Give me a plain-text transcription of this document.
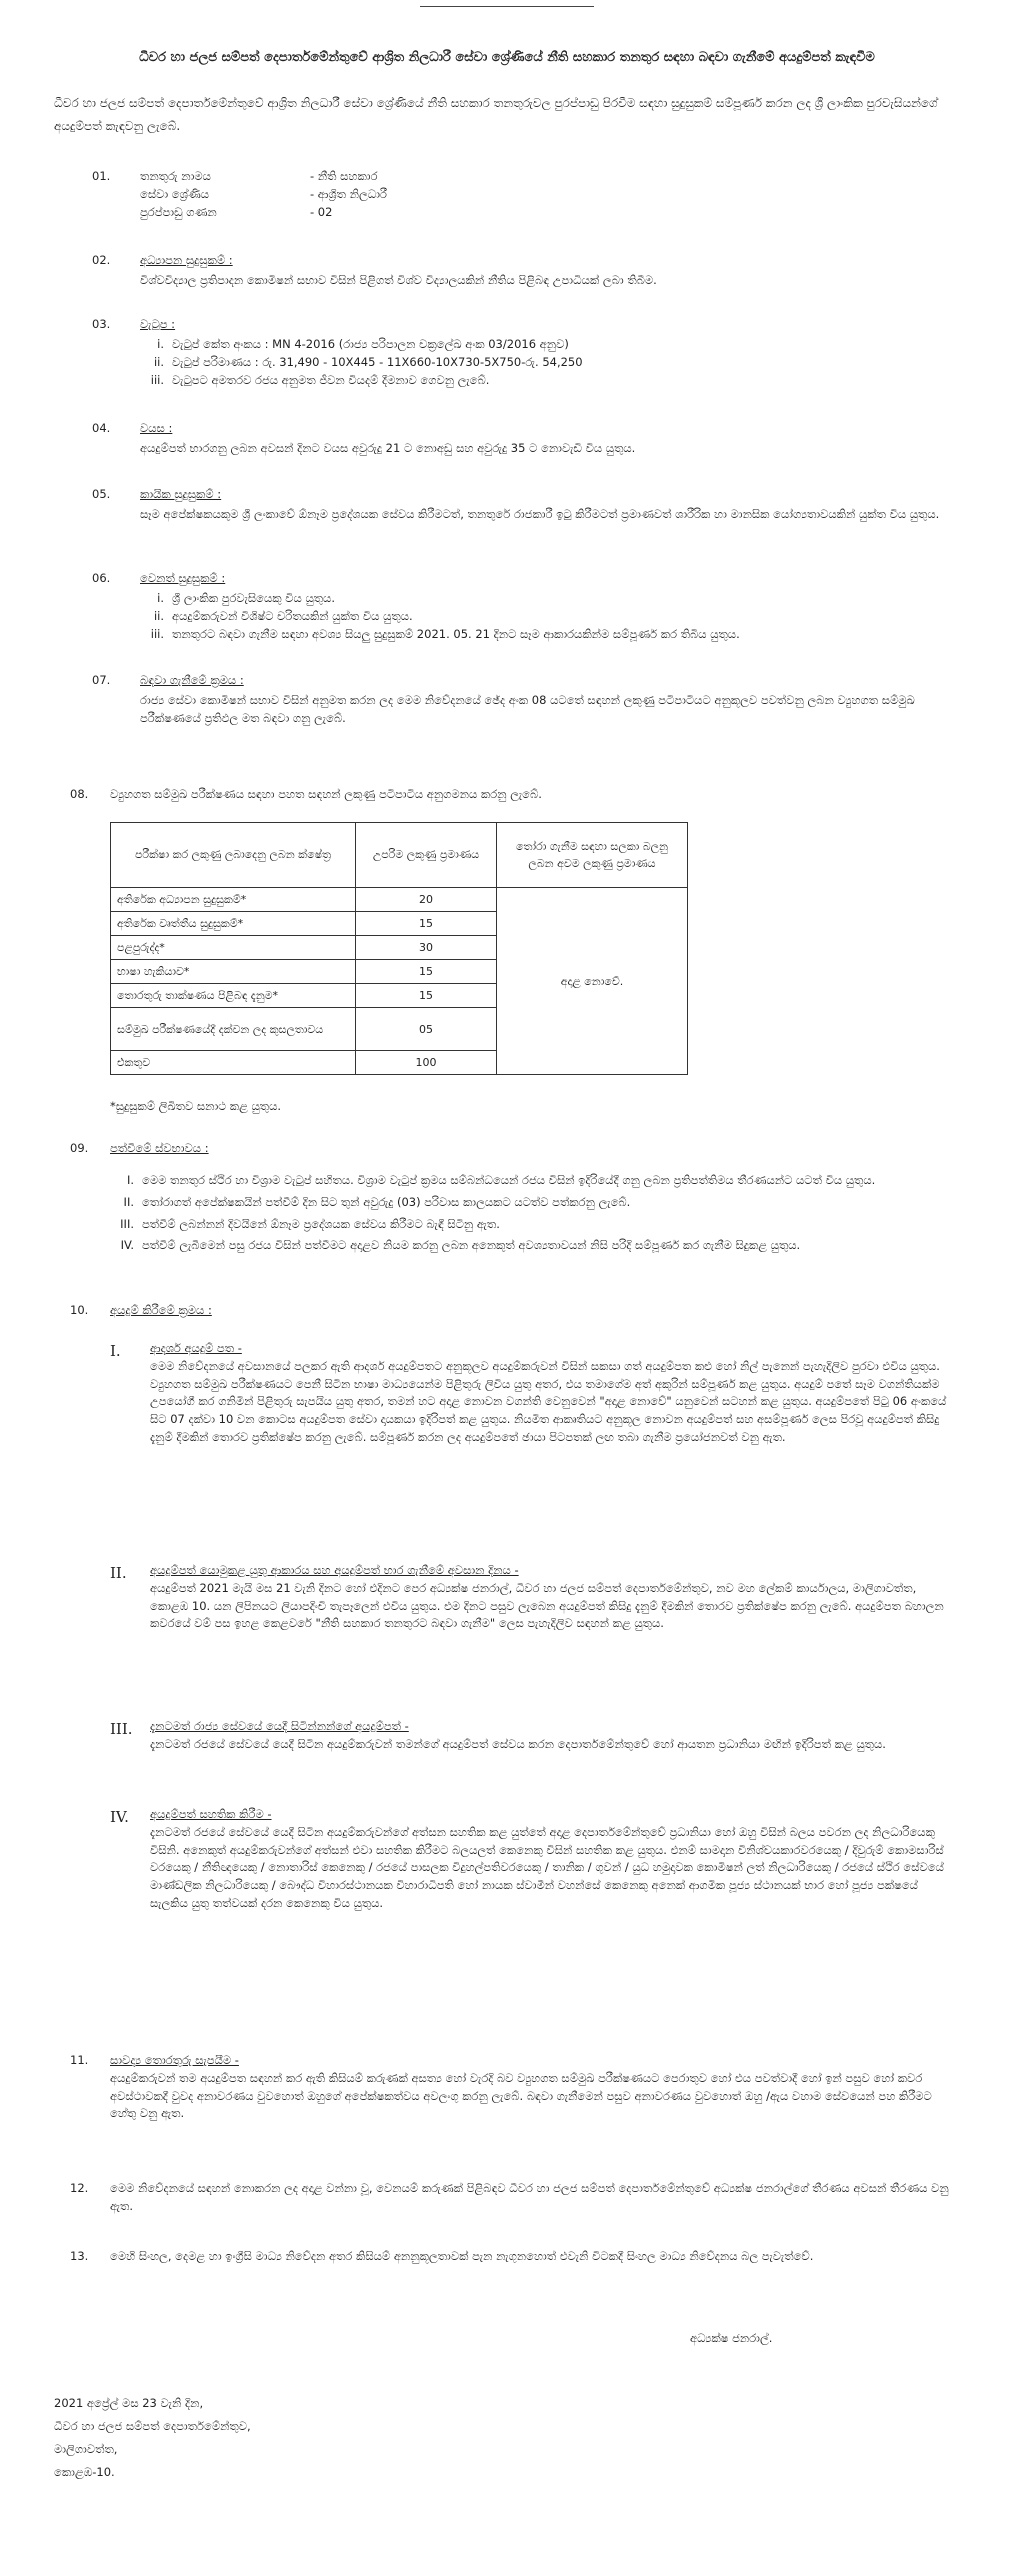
ධීවර හා ජලජ සම්පත් දෙපාර්තමේන්තුවේ ආශ්‍රිත නිලධාරී සේවා ශ්‍රේණියේ නීති සහකාර තනතුර සඳහා බඳවා ගැනීමේ අයදුම්පත් කැඳවීම
ධීවර හා ජලජ සම්පත් දෙපාර්තමේන්තුවේ ආශ්‍රිත නිලධාරී සේවා ශ්‍රේණියේ නීති සහකාර තනතුරුවල පුරප්පාඩු පිරවීම සඳහා සුදුසුකම් සම්පූර්ණ කරන ලද ශ්‍රී ලාංකික පුරවැසියන්ගේ අයදුම්පත් කැඳවනු ලැබේ.
01.	තනතුරු නාමය	- නීති සහකාර
සේවා ශ්‍රේණිය	- ආශ්‍රිත නිලධාරී
පුරප්පාඩු ගණන	- 02
02.	අධ්‍යාපන සුදුසුකම් :
විශ්වවිද්‍යාල ප්‍රතිපාදන කොමිෂන් සභාව විසින් පිළිගත් විශ්ව විද්‍යාලයකින් නීතිය පිළිබඳ උපාධියක් ලබා තිබීම.
03.	වැටුප :
i. වැටුප් කේත අංකය : MN 4-2016 (රාජ්‍ය පරිපාලන චක්‍රලේඛ අංක 03/2016 අනුව)
ii. වැටුප් පරිමාණය : රු. 31,490 - 10X445 - 11X660-10X730-5X750-රු. 54,250
iii. වැටුපට අමතරව රජය අනුමත ජීවන වියදම් දීමනාව ගෙවනු ලැබේ.
04.	වයස :
අයදුම්පත් භාරගනු ලබන අවසන් දිනට වයස අවුරුදු 21 ට නොඅඩු සහ අවුරුදු 35 ට නොවැඩි විය යුතුය.
05.	කායික සුදුසුකම් :
සෑම අපේක්ෂකයකුම ශ්‍රී ලංකාවේ ඕනෑම ප්‍රදේශයක සේවය කිරීමටත්, තනතුරේ රාජකාරී ඉටු කිරීමටත් ප්‍රමාණවත් ශාරීරික හා මානසික යෝග්‍යතාවයකින් යුක්ත විය යුතුය.
06.	වෙනත් සුදුසුකම් :
i. ශ්‍රී ලාංකික පුරවැසියෙකු විය යුතුය.
ii. අයදුම්කරුවන් විශිෂ්ට චරිතයකින් යුක්ත විය යුතුය.
iii. තනතුරට බඳවා ගැනීම සඳහා අවශ්‍ය සියලු සුදුසුකම් 2021. 05. 21 දිනට සෑම ආකාරයකින්ම සම්පූර්ණ කර තිබිය යුතුය.
07.	බඳවා ගැනීමේ ක්‍රමය :
රාජ්‍ය සේවා කොමිෂන් සභාව විසින් අනුමත කරන ලද මෙම නිවේදනයේ ඡේද අංක 08 යටතේ සඳහන් ලකුණු පටිපාටියට අනුකූලව පවත්වනු ලබන ව්‍යුහගත සම්මුඛ පරීක්ෂණයේ ප්‍රතිඵල මත බඳවා ගනු ලැබේ.
08.	ව්‍යුහගත සම්මුඛ පරීක්ෂණය සඳහා පහත සඳහන් ලකුණු පටිපාටිය අනුගමනය කරනු ලැබේ.
පරීක්ෂා කර ලකුණු ලබාදෙනු ලබන ක්ෂේත්‍ර	උපරිම ලකුණු ප්‍රමාණය	තෝරා ගැනීම සඳහා සලකා බලනු ලබන අවම ලකුණු ප්‍රමාණය
අතිරේක අධ්‍යාපන සුදුසුකම්*	20	අදාළ නොවේ.
අතිරේක වෘත්තීය සුදුසුකම්*	15	
පළපුරුද්ද*	30	
භාෂා හැකියාව*	15	
තොරතුරු තාක්ෂණය පිළිබඳ දැනුම*	15	
සම්මුඛ පරීක්ෂණයේදී දක්වන ලද කුසලතාවය	05	
එකතුව	100	
*සුදුසුකම් ලිඛිතව සනාථ කළ යුතුය.
09.	පත්වීමේ ස්වභාවය :
I. මෙම තනතුර ස්ථිර හා විශ්‍රාම වැටුප් සහිතය. විශ්‍රාම වැටුප් ක්‍රමය සම්බන්ධයෙන් රජය විසින් ඉදිරියේදී ගනු ලබන ප්‍රතිපත්තිමය තීරණයන්ට යටත් විය යුතුය.
II. තෝරාගත් අපේක්ෂකයින් පත්වීම් දින සිට තුන් අවුරුදු (03) පරිවාස කාලයකට යටත්ව පත්කරනු ලැබේ.
III. පත්වීම් ලබන්නන් දිවයිනේ ඕනෑම ප්‍රදේශයක සේවය කිරීමට බැඳී සිටිනු ඇත.
IV. පත්වීම් ලැබීමෙන් පසු රජය විසින් පත්වීමට අදාළව නියම කරනු ලබන අනෙකුත් අවශ්‍යතාවයන් නිසි පරිදි සම්පූර්ණ කර ගැනීම සිදුකළ යුතුය.
10.	අයදුම් කිරීමේ ක්‍රමය :
I.	ආදර්ශ අයදුම් පත -
මෙම නිවේදනයේ අවසානයේ පලකර ඇති ආදර්ශ අයදුම්පතට අනුකූලව අයදුම්කරුවන් විසින් සකසා ගත් අයදුම්පත කළු හෝ නිල් පැනෙන් පැහැදිලිව පුරවා එවිය යුතුය. ව්‍යුහගත සම්මුඛ පරීක්ෂණයට පෙනී සිටින භාෂා මාධ්‍යයෙන්ම පිළිතුරු ලිවිය යුතු අතර, එය තමාගේම අත් අකුරින් සම්පූර්ණ කළ යුතුය. අයදුම් පතේ සෑම වගන්තියක්ම උපයෝගී කර ගනිමින් පිළිතුරු සැපයිය යුතු අතර, තමන් හට අදාළ නොවන වගන්ති වෙනුවෙන් "අදාළ නොවේ" යනුවෙන් සටහන් කළ යුතුය. අයදුම්පතේ පිටු 06 අංකයේ සිට 07 දක්වා 10 වන කොටස අයදුම්පත සේවා දායකයා ඉදිරිපත් කළ යුතුය. නියමිත ආකෘතියට අනුකූල නොවන අයදුම්පත් සහ අසම්පූර්ණ ලෙස පිරවූ අයදුම්පත් කිසිදු දැනුම් දීමකින් තොරව ප්‍රතික්ෂේප කරනු ලැබේ. සම්පූර්ණ කරන ලද අයදුම්පතේ ඡායා පිටපතක් ලඟ තබා ගැනීම ප්‍රයෝජනවත් වනු ඇත.
II. අයදුම්පත් යොමුකළ යුතු ආකාරය සහ අයදුම්පත් භාර ගැනීමේ අවසාන දිනය -
අයදුම්පත් 2021 මැයි මස 21 වැනි දිනට හෝ එදිනට පෙර අධ්‍යක්ෂ ජනරාල්, ධීවර හා ජලජ සම්පත් දෙපාර්තමේන්තුව, නව මහ ලේකම් කාර්යාලය, මාලිගාවත්ත, කොළඹ 10. යන ලිපිනයට ලියාපදිංචි තැපෑලෙන් එවිය යුතුය. එම දිනට පසුව ලැබෙන අයදුම්පත් කිසිදු දැනුම් දීමකින් තොරව ප්‍රතික්ෂේප කරනු ලැබේ. අයදුම්පත බහාලන කවරයේ වම් පස ඉහළ කෙළවරේ "නීති සහකාර තනතුරට බඳවා ගැනීම" ලෙස පැහැදිලිව සඳහන් කළ යුතුය.
III. දැනටමත් රාජ්‍ය සේවයේ යෙදී සිටින්නන්ගේ අයදුම්පත් -
දැනටමත් රජයේ සේවයේ යෙදී සිටින අයදුම්කරුවන් තමන්ගේ අයදුම්පත් සේවය කරන දෙපාර්තමේන්තුවේ හෝ ආයතන ප්‍රධානියා මඟින් ඉදිරිපත් කළ යුතුය.
IV. අයදුම්පත් සහතික කිරීම -
දැනටමත් රජයේ සේවයේ යෙදී සිටින අයදුම්කරුවන්ගේ අත්සන සහතික කළ යුත්තේ අදාළ දෙපාර්තමේන්තුවේ ප්‍රධානියා හෝ ඔහු විසින් බලය පවරන ලද නිලධාරියෙකු විසිනි. අනෙකුත් අයදුම්කරුවන්ගේ අත්සන් එවා සහතික කිරීමට බලයලත් කෙනෙකු විසින් සහතික කළ යුතුය. එනම් සාමදාන විනිශ්චයකාරවරයෙකු / දිවුරුම් කොමසාරිස් වරයෙකු / නීතිඥයෙකු / නොතාරිස් කෙනෙකු / රජයේ පාසලක විදුහල්පතිවරයෙකු / තානික / ගුවන් / යුධ හමුදාවක කොමිෂන් ලත් නිලධාරියෙකු / රජයේ ස්ථිර සේවයේ මාණ්ඩලික නිලධාරියෙකු / බෞද්ධ විහාරස්ථානයක විහාරාධිපති හෝ නායක ස්වාමීන් වහන්සේ කෙනෙකු අනෙක් ආගමික පූජ්‍ය ස්ථානයක් භාර හෝ පූජ්‍ය පක්ෂයේ සැලකිය යුතු තත්වයක් දරන කෙනෙකු විය යුතුය.
11.	සාවද්‍ය තොරතුරු සැපයීම -
අයදුම්කරුවන් තම අයදුම්පත සඳහන් කර ඇති කිසියම් කරුණක් අසත්‍ය හෝ වැරදි බව ව්‍යුහගත සම්මුඛ පරීක්ෂණයට පෙරාතුව හෝ එය පවත්වාදී හෝ ඉන් පසුව හෝ කවර අවස්ථාවකදී වුවද අනාවරණය වුවහොත් ඔහුගේ අපේක්ෂකත්වය අවලංගු කරනු ලැබේ. බඳවා ගැනීමෙන් පසුව අනාවරණය වුවහොත් ඔහු /ඇය වහාම සේවයෙන් පහ කිරීමට හේතු වනු ඇත.
12.	මෙම නිවේදනයේ සඳහන් නොකරන ලද අදාළ වන්නා වූ, වෙනයම් කරුණක් පිළිබඳව ධීවර හා ජලජ සම්පත් දෙපාර්තමේන්තුවේ අධ්‍යක්ෂ ජනරාල්ගේ තීරණය අවසන් තීරණය වනු ඇත.
13.	මෙහි සිංහල, දෙමළ හා ඉංග්‍රීසි මාධ්‍ය නිවේදන අතර කිසියම් අනනුකූලතාවක් පැන නැගුනහොත් එවැනි විටකදී සිංහල මාධ්‍ය නිවේදනය බල පැවැත්වේ.
අධ්‍යක්ෂ ජනරාල්.
2021 අප්‍රේල් මස 23 වැනි දින,
ධීවර හා ජලජ සම්පත් දෙපාර්තමේන්තුව,
මාලිගාවත්ත,
කොළඹ-10.
